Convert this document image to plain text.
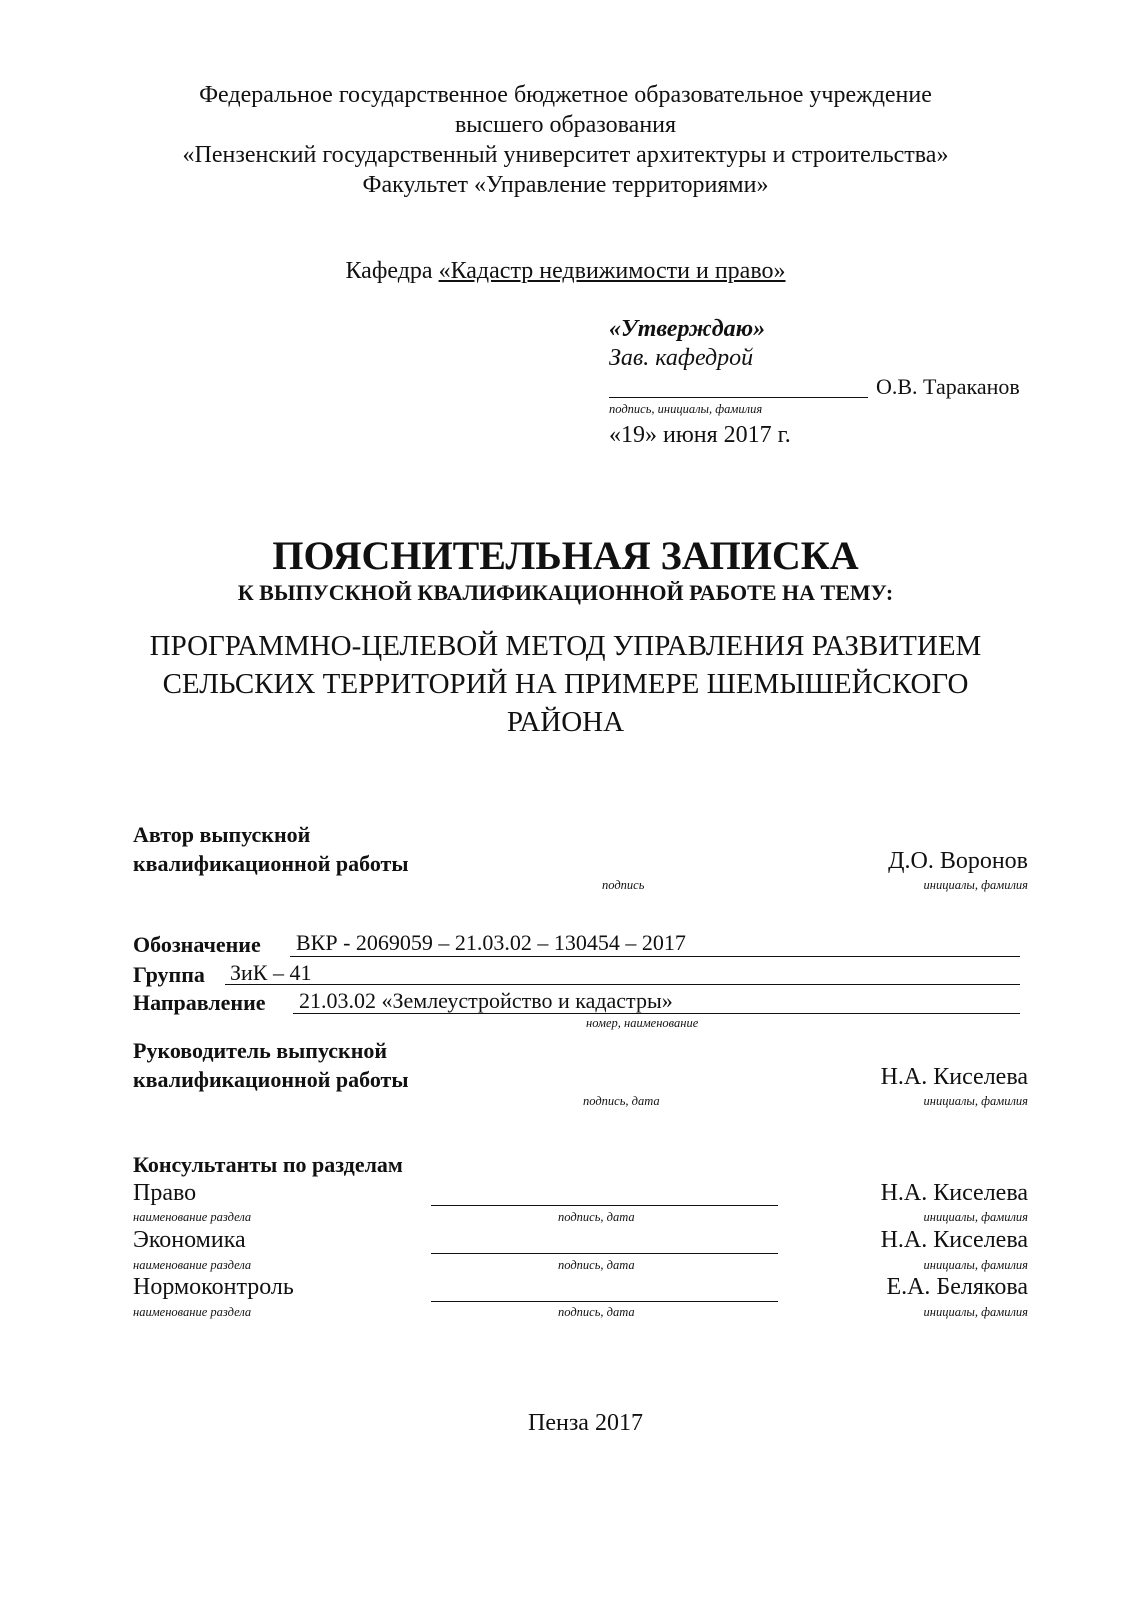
Федеральное государственное бюджетное образовательное учреждение
высшего образования
«Пензенский государственный университет архитектуры и строительства»
Факультет «Управление территориями»
Кафедра «Кадастр недвижимости и право»
«Утверждаю»
Зав. кафедрой
О.В. Тараканов
подпись, инициалы, фамилия
«19» июня 2017 г.
ПОЯСНИТЕЛЬНАЯ ЗАПИСКА
К ВЫПУСКНОЙ КВАЛИФИКАЦИОННОЙ РАБОТЕ НА ТЕМУ:
ПРОГРАММНО-ЦЕЛЕВОЙ МЕТОД УПРАВЛЕНИЯ РАЗВИТИЕМ
СЕЛЬСКИХ ТЕРРИТОРИЙ НА ПРИМЕРЕ ШЕМЫШЕЙСКОГО
РАЙОНА
Автор выпускной
квалификационной работы	Д.О. Воронов
подпись	инициалы, фамилия
Обозначение ВКР - 2069059 – 21.03.02 – 130454 – 2017
Группа ЗиК – 41
Направление 21.03.02 «Землеустройство и кадастры»
номер, наименование
Руководитель выпускной
квалификационной работы	Н.А. Киселева
подпись, дата	инициалы, фамилия
Консультанты по разделам
Право	Н.А. Киселева
наименование раздела	подпись, дата	инициалы, фамилия
Экономика	Н.А. Киселева
наименование раздела	подпись, дата	инициалы, фамилия
Нормоконтроль	Е.А. Белякова
наименование раздела	подпись, дата	инициалы, фамилия
Пенза 2017
